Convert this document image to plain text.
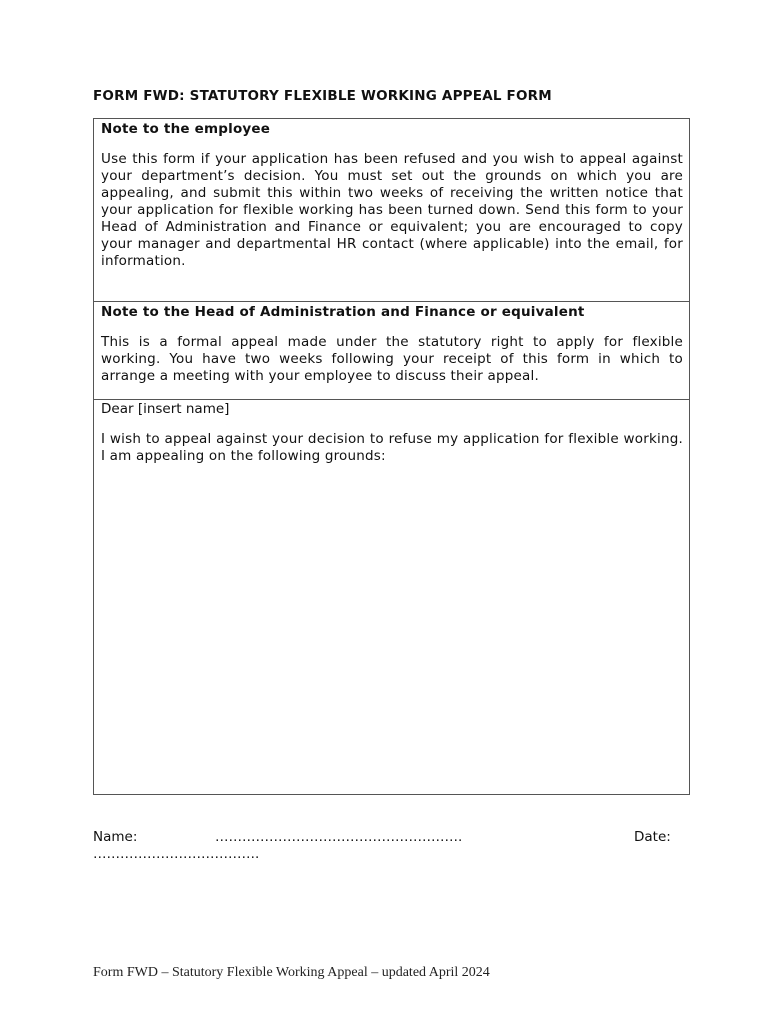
FORM FWD: STATUTORY FLEXIBLE WORKING APPEAL FORM
Note to the employee

Use this form if your application has been refused and you wish to appeal against your department’s decision. You must set out the grounds on which you are appealing, and submit this within two weeks of receiving the written notice that your application for flexible working has been turned down. Send this form to your Head of Administration and Finance or equivalent; you are encouraged to copy your manager and departmental HR contact (where applicable) into the email, for information.

Note to the Head of Administration and Finance or equivalent

This is a formal appeal made under the statutory right to apply for flexible working. You have two weeks following your receipt of this form in which to arrange a meeting with your employee to discuss their appeal.

Dear [insert name]

I wish to appeal against your decision to refuse my application for flexible working. I am appealing on the following grounds:

Name:	……………………………………………….	Date:
……………………………….
Form FWD – Statutory Flexible Working Appeal – updated April 2024
